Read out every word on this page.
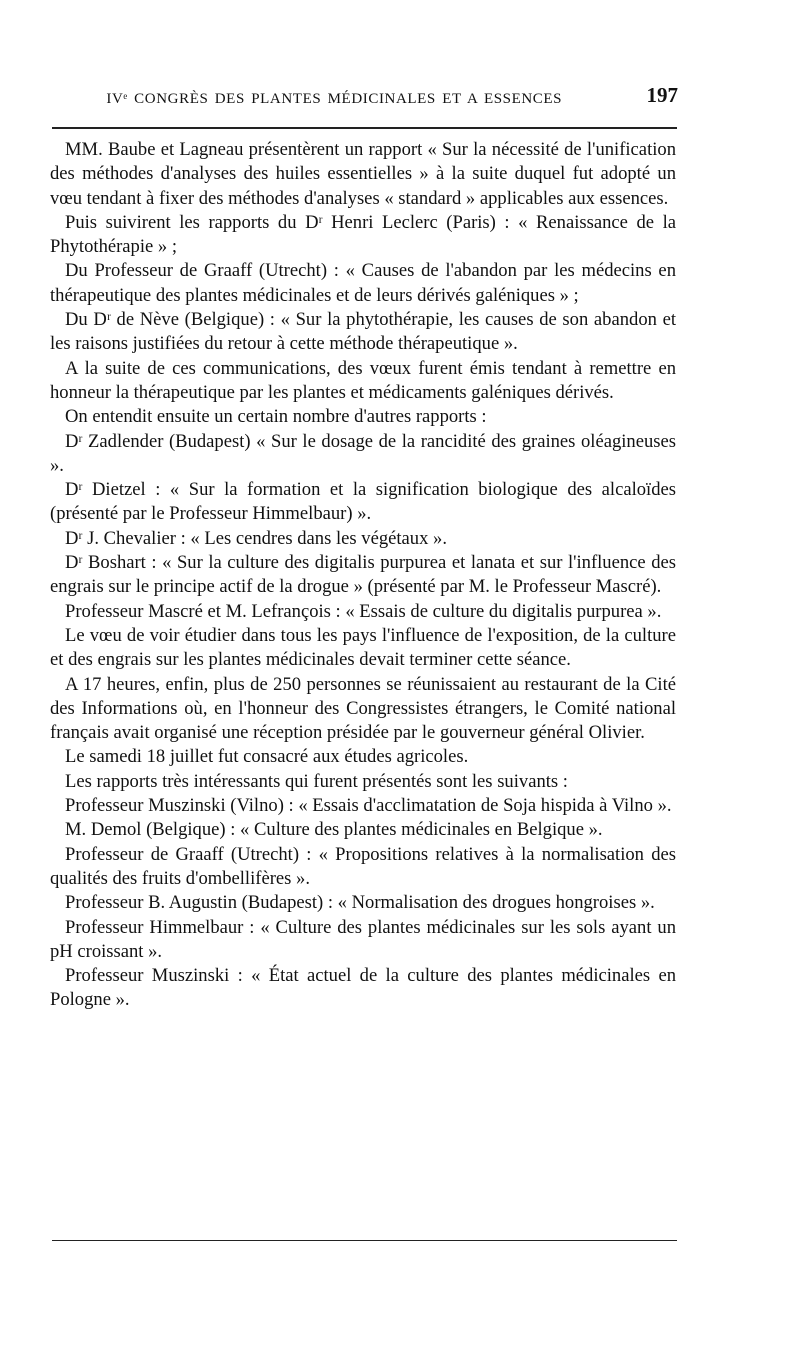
IVᵉ CONGRÈS DES PLANTES MÉDICINALES ET A ESSENCES	197

MM. Baube et Lagneau présentèrent un rapport « Sur la nécessité de l'unification des méthodes d'analyses des huiles essentielles » à la suite duquel fut adopté un vœu tendant à fixer des méthodes d'analyses « standard » applicables aux essences.

Puis suivirent les rapports du Dʳ Henri Leclerc (Paris) : « Renaissance de la Phytothérapie » ;

Du Professeur de Graaff (Utrecht) : « Causes de l'abandon par les médecins en thérapeutique des plantes médicinales et de leurs dérivés galéniques » ;

Du Dʳ de Nève (Belgique) : « Sur la phytothérapie, les causes de son abandon et les raisons justifiées du retour à cette méthode thérapeutique ».

A la suite de ces communications, des vœux furent émis tendant à remettre en honneur la thérapeutique par les plantes et médicaments galéniques dérivés.

On entendit ensuite un certain nombre d'autres rapports :

Dʳ Zadlender (Budapest) « Sur le dosage de la rancidité des graines oléagineuses ».

Dʳ Dietzel : « Sur la formation et la signification biologique des alcaloïdes (présenté par le Professeur Himmelbaur) ».

Dʳ J. Chevalier : « Les cendres dans les végétaux ».

Dʳ Boshart : « Sur la culture des digitalis purpurea et lanata et sur l'influence des engrais sur le principe actif de la drogue » (présenté par M. le Professeur Mascré).

Professeur Mascré et M. Lefrançois : « Essais de culture du digitalis purpurea ».

Le vœu de voir étudier dans tous les pays l'influence de l'exposition, de la culture et des engrais sur les plantes médicinales devait terminer cette séance.

A 17 heures, enfin, plus de 250 personnes se réunissaient au restaurant de la Cité des Informations où, en l'honneur des Congressistes étrangers, le Comité national français avait organisé une réception présidée par le gouverneur général Olivier.

Le samedi 18 juillet fut consacré aux études agricoles.

Les rapports très intéressants qui furent présentés sont les suivants :

Professeur Muszinski (Vilno) : « Essais d'acclimatation de Soja hispida à Vilno ».

M. Demol (Belgique) : « Culture des plantes médicinales en Belgique ».

Professeur de Graaff (Utrecht) : « Propositions relatives à la normalisation des qualités des fruits d'ombellifères ».

Professeur B. Augustin (Budapest) : « Normalisation des drogues hongroises ».

Professeur Himmelbaur : « Culture des plantes médicinales sur les sols ayant un pH croissant ».

Professeur Muszinski : « État actuel de la culture des plantes médicinales en Pologne ».
